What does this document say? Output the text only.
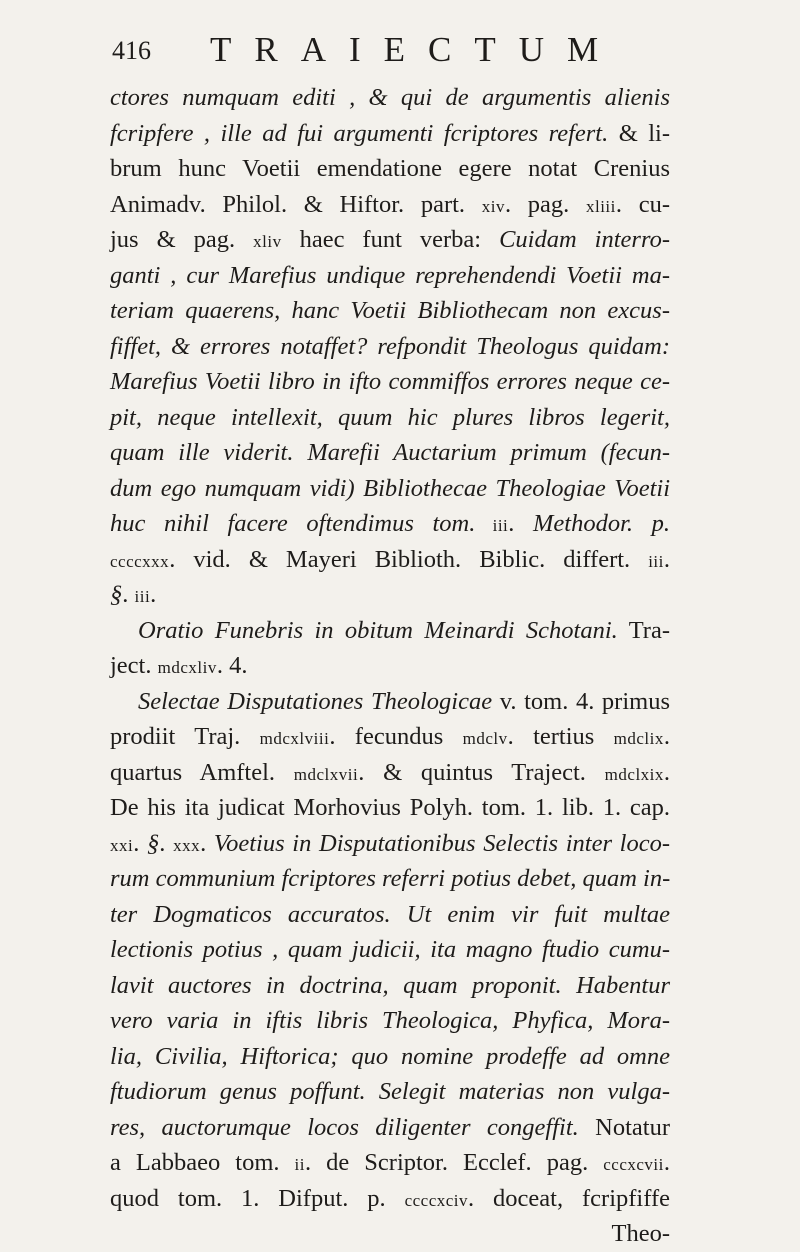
416 TRAIECTUM
ctores numquam editi , & qui de argumentis alienis
fcripfere , ille ad fui argumenti fcriptores refert. & li-
brum hunc Voetii emendatione egere notat Crenius
Animadv. Philol. & Hiftor. part. xiv. pag. xliii. cu-
jus & pag. xliv haec funt verba: Cuidam interro-
ganti , cur Marefius undique reprehendendi Voetii ma-
teriam quaerens, hanc Voetii Bibliothecam non excus-
fiffet, & errores notaffet? refpondit Theologus quidam:
Marefius Voetii libro in ifto commiffos errores neque ce-
pit, neque intellexit, quum hic plures libros legerit,
quam ille viderit. Marefii Auctarium primum (fecun-
dum ego numquam vidi) Bibliothecae Theologiae Voetii
huc nihil facere oftendimus tom. iii. Methodor. p.
ccccxxx. vid. & Mayeri Biblioth. Biblic. differt. iii.
§. iii.
Oratio Funebris in obitum Meinardi Schotani. Tra-
ject. mdcxliv. 4.
Selectae Disputationes Theologicae v. tom. 4. primus
prodiit Traj. mdcxlviii. fecundus mdclv. tertius mdclix.
quartus Amftel. mdclxvii. & quintus Traject. mdclxix.
De his ita judicat Morhovius Polyh. tom. 1. lib. 1. cap.
xxi. §. xxx. Voetius in Disputationibus Selectis inter loco-
rum communium fcriptores referri potius debet, quam in-
ter Dogmaticos accuratos. Ut enim vir fuit multae
lectionis potius , quam judicii, ita magno ftudio cumu-
lavit auctores in doctrina, quam proponit. Habentur
vero varia in iftis libris Theologica, Phyfica, Mora-
lia, Civilia, Hiftorica; quo nomine prodeffe ad omne
ftudiorum genus poffunt. Selegit materias non vulga-
res, auctorumque locos diligenter congeffit. Notatur
a Labbaeo tom. ii. de Scriptor. Ecclef. pag. cccxcvii.
quod tom. 1. Difput. p. ccccxciv. doceat, fcripfiffe
Theo-
